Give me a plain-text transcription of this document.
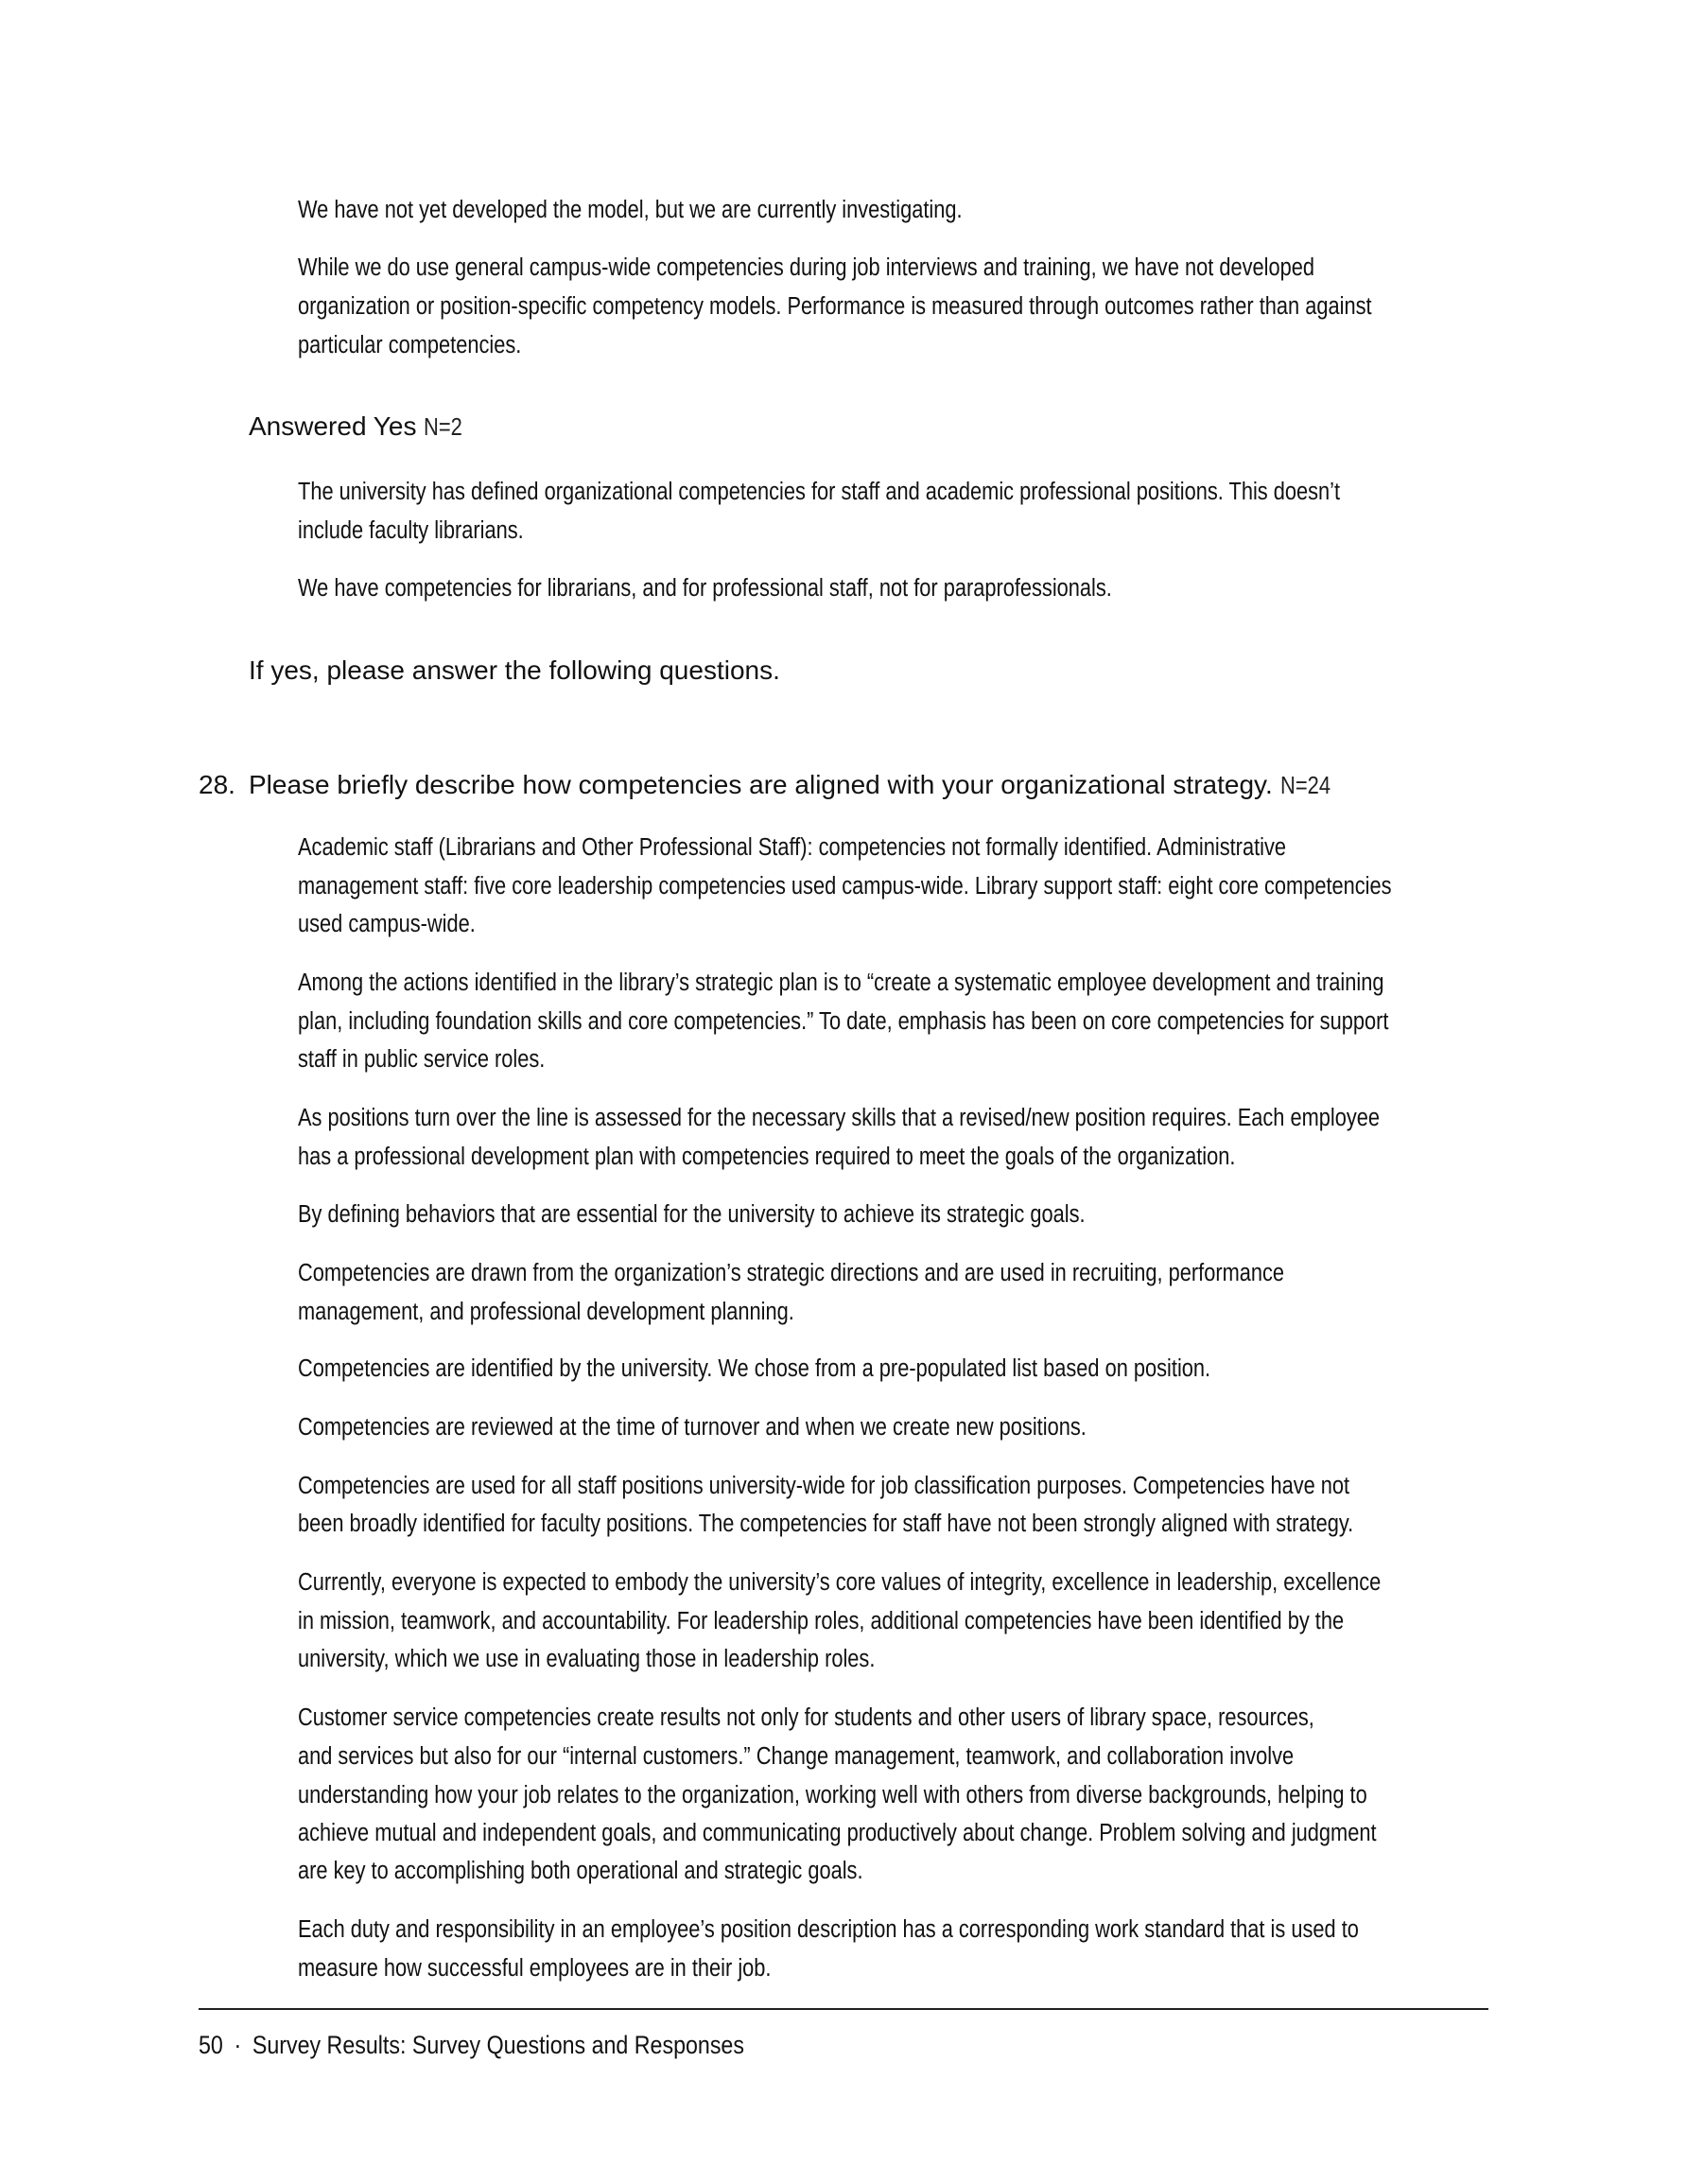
We have not yet developed the model, but we are currently investigating.
While we do use general campus-wide competencies during job interviews and training, we have not developed
organization or position-specific competency models. Performance is measured through outcomes rather than against
particular competencies.
Answered Yes N=2
The university has defined organizational competencies for staff and academic professional positions. This doesn’t
include faculty librarians.
We have competencies for librarians, and for professional staff, not for paraprofessionals.
If yes, please answer the following questions.
28. Please briefly describe how competencies are aligned with your organizational strategy. N=24
Academic staff (Librarians and Other Professional Staff): competencies not formally identified. Administrative
management staff: five core leadership competencies used campus-wide. Library support staff: eight core competencies
used campus-wide.
Among the actions identified in the library’s strategic plan is to “create a systematic employee development and training
plan, including foundation skills and core competencies.” To date, emphasis has been on core competencies for support
staff in public service roles.
As positions turn over the line is assessed for the necessary skills that a revised/new position requires. Each employee
has a professional development plan with competencies required to meet the goals of the organization.
By defining behaviors that are essential for the university to achieve its strategic goals.
Competencies are drawn from the organization’s strategic directions and are used in recruiting, performance
management, and professional development planning.
Competencies are identified by the university. We chose from a pre-populated list based on position.
Competencies are reviewed at the time of turnover and when we create new positions.
Competencies are used for all staff positions university-wide for job classification purposes. Competencies have not
been broadly identified for faculty positions. The competencies for staff have not been strongly aligned with strategy.
Currently, everyone is expected to embody the university’s core values of integrity, excellence in leadership, excellence
in mission, teamwork, and accountability. For leadership roles, additional competencies have been identified by the
university, which we use in evaluating those in leadership roles.
Customer service competencies create results not only for students and other users of library space, resources,
and services but also for our “internal customers.” Change management, teamwork, and collaboration involve
understanding how your job relates to the organization, working well with others from diverse backgrounds, helping to
achieve mutual and independent goals, and communicating productively about change. Problem solving and judgment
are key to accomplishing both operational and strategic goals.
Each duty and responsibility in an employee’s position description has a corresponding work standard that is used to
measure how successful employees are in their job.
50 · Survey Results: Survey Questions and Responses
